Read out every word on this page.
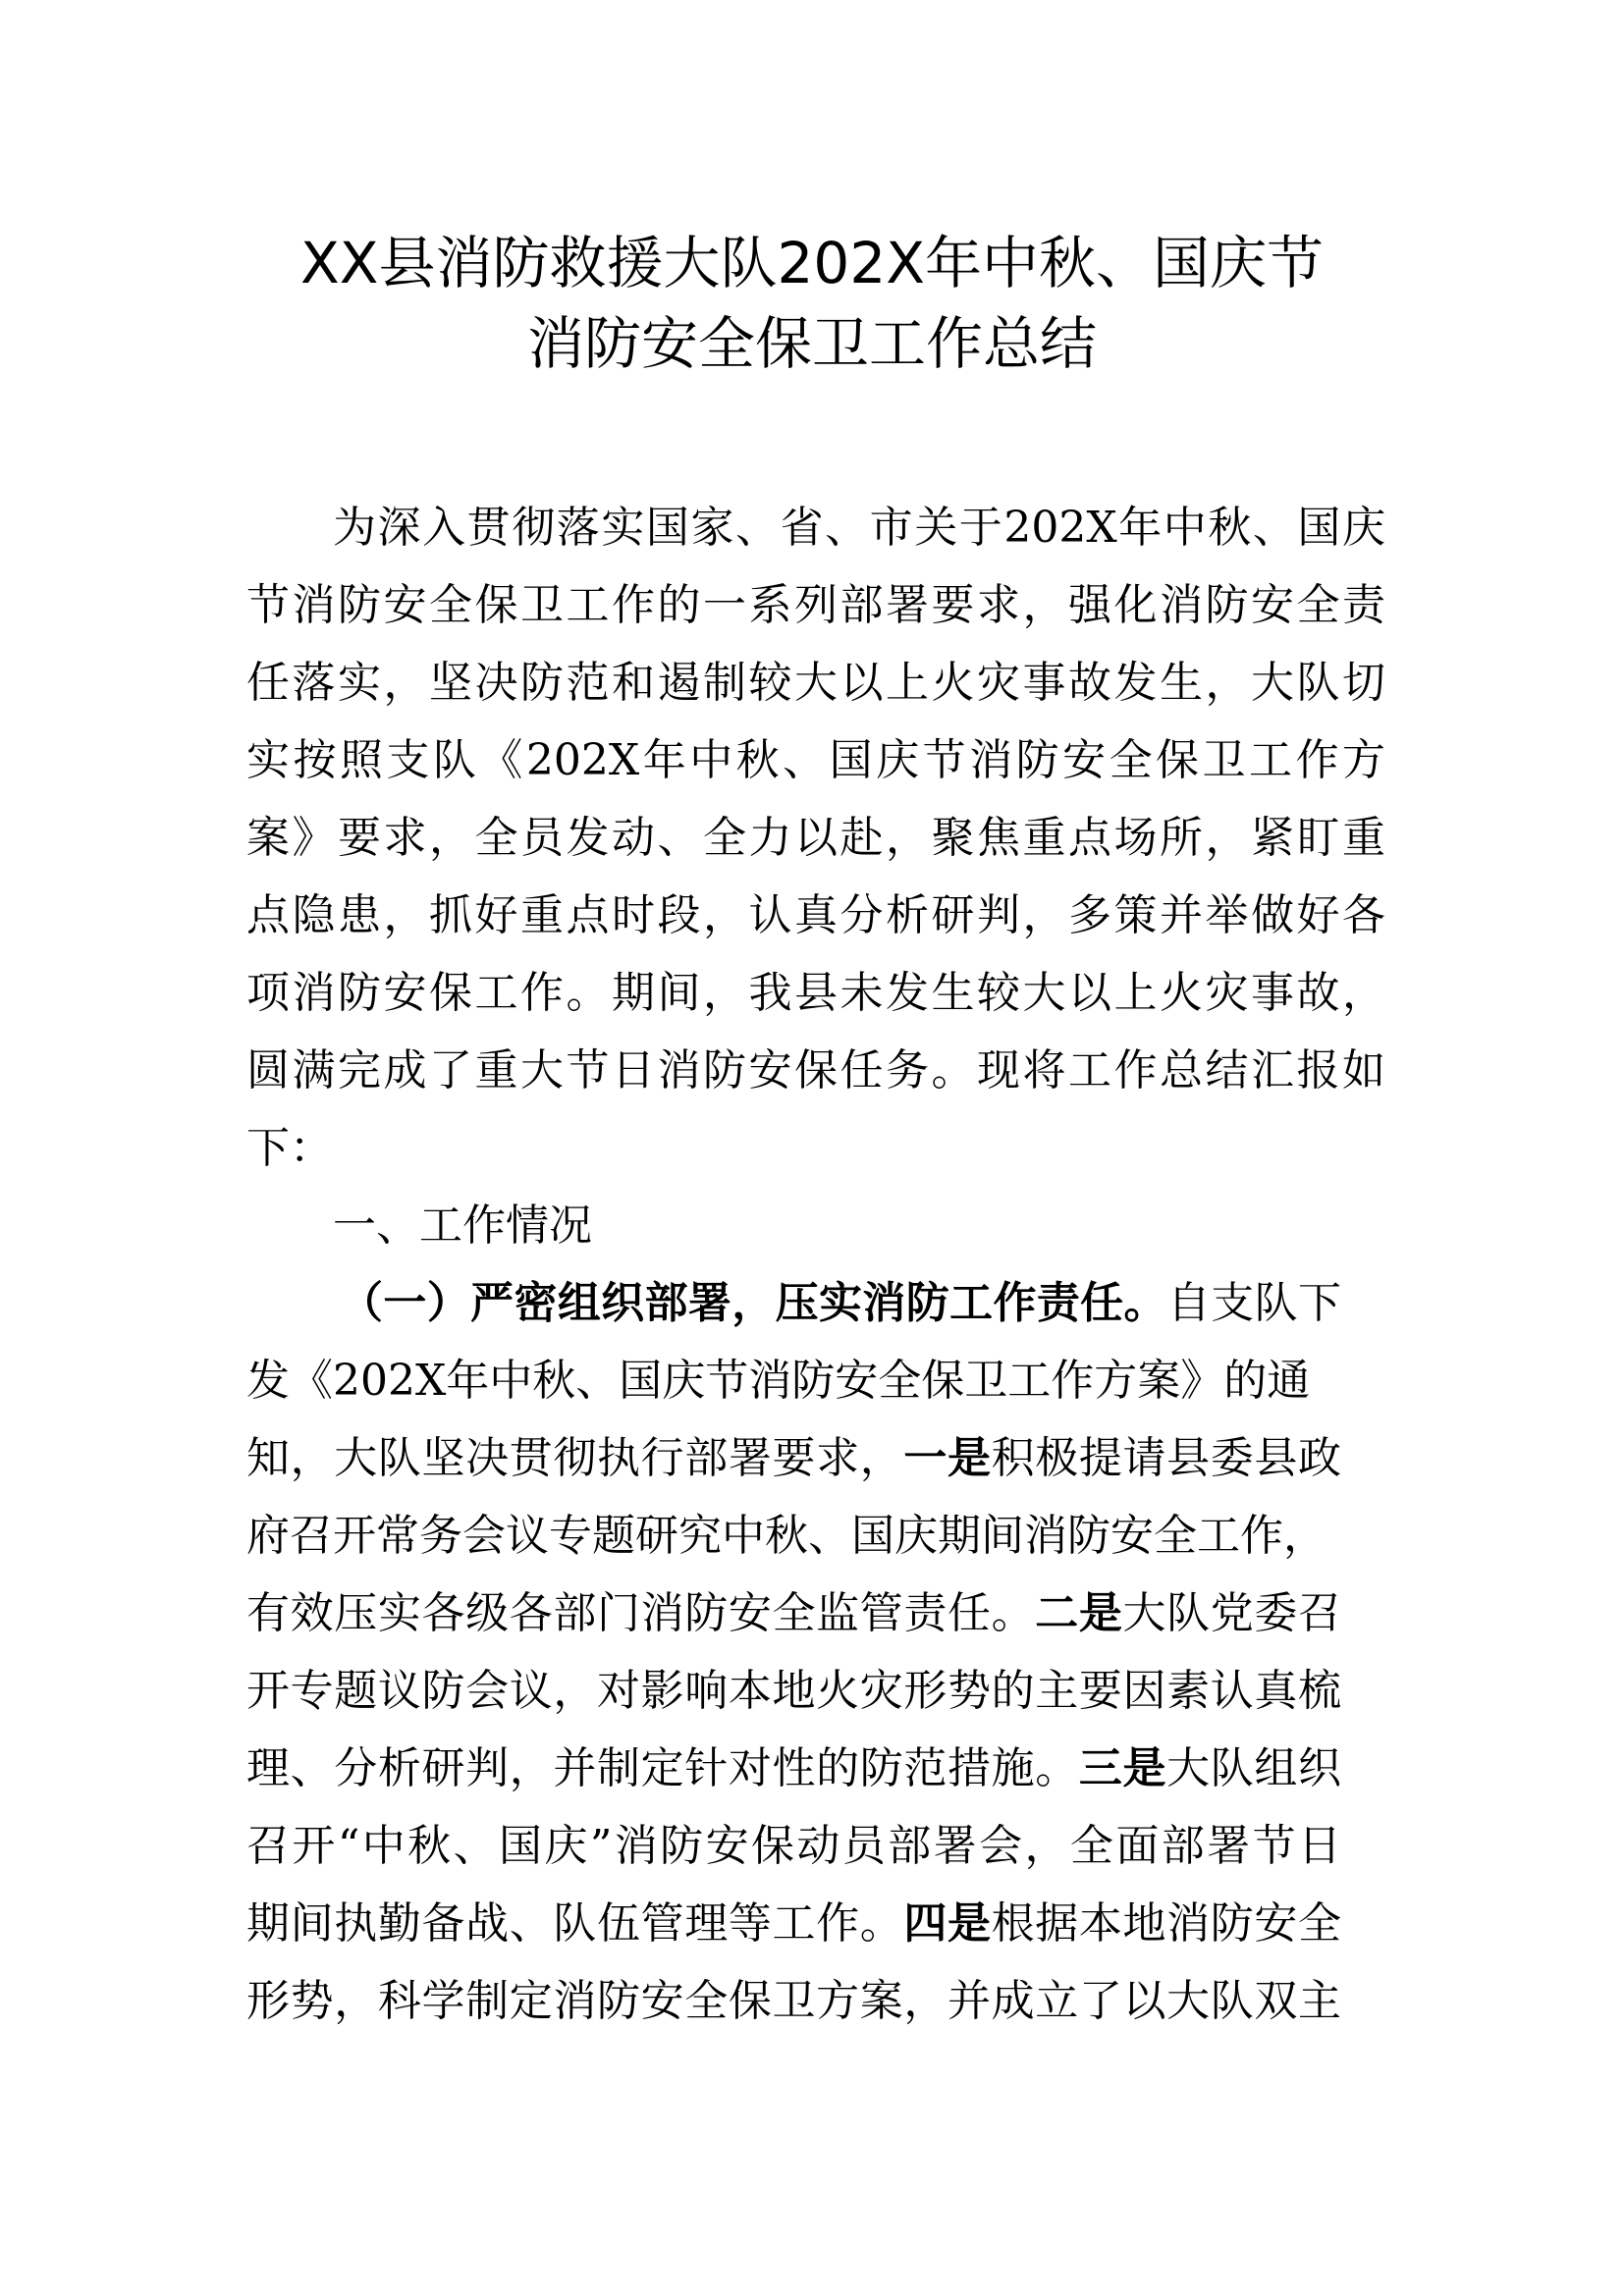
XX县消防救援大队202X年中秋、国庆节
消防安全保卫工作总结
为深入贯彻落实国家、省、市关于202X年中秋、国庆
节消防安全保卫工作的一系列部署要求，强化消防安全责
任落实，坚决防范和遏制较大以上火灾事故发生，大队切
实按照支队《202X年中秋、国庆节消防安全保卫工作方
案》要求，全员发动、全力以赴，聚焦重点场所，紧盯重
点隐患，抓好重点时段，认真分析研判，多策并举做好各
项消防安保工作。期间，我县未发生较大以上火灾事故，
圆满完成了重大节日消防安保任务。现将工作总结汇报如
下：
一、工作情况
（一）严密组织部署，压实消防工作责任。自支队下
发《202X年中秋、国庆节消防安全保卫工作方案》的通
知，大队坚决贯彻执行部署要求，一是积极提请县委县政
府召开常务会议专题研究中秋、国庆期间消防安全工作，
有效压实各级各部门消防安全监管责任。二是大队党委召
开专题议防会议，对影响本地火灾形势的主要因素认真梳
理、分析研判，并制定针对性的防范措施。三是大队组织
召开“中秋、国庆”消防安保动员部署会，全面部署节日
期间执勤备战、队伍管理等工作。四是根据本地消防安全
形势，科学制定消防安全保卫方案，并成立了以大队双主
